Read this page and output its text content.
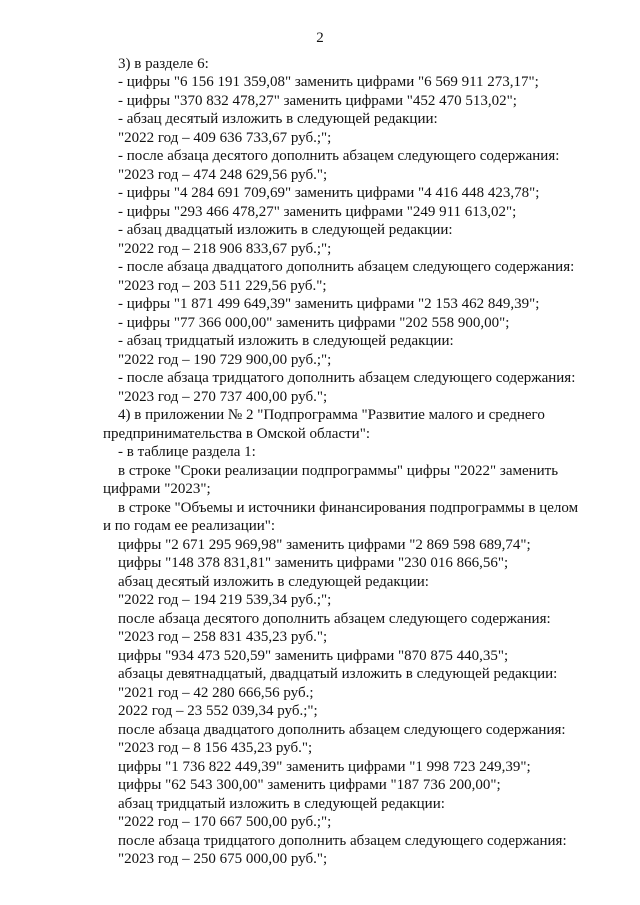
2
3) в разделе 6:
- цифры "6 156 191 359,08" заменить цифрами "6 569 911 273,17";
- цифры "370 832 478,27" заменить цифрами "452 470 513,02";
- абзац десятый изложить в следующей редакции:
"2022 год – 409 636 733,67 руб.;";
- после абзаца десятого дополнить абзацем следующего содержания:
"2023 год – 474 248 629,56 руб.";
- цифры "4 284 691 709,69" заменить цифрами "4 416 448 423,78";
- цифры "293 466 478,27" заменить цифрами "249 911 613,02";
- абзац двадцатый изложить в следующей редакции:
"2022 год – 218 906 833,67 руб.;";
- после абзаца двадцатого дополнить абзацем следующего содержания:
"2023 год – 203 511 229,56 руб.";
- цифры "1 871 499 649,39" заменить цифрами "2 153 462 849,39";
- цифры "77 366 000,00" заменить цифрами "202 558 900,00";
- абзац тридцатый изложить в следующей редакции:
"2022 год – 190 729 900,00 руб.;";
- после абзаца тридцатого дополнить абзацем следующего содержания:
"2023 год – 270 737 400,00 руб.";
4) в приложении № 2 "Подпрограмма "Развитие малого и среднего
предпринимательства в Омской области":
- в таблице раздела 1:
в строке "Сроки реализации подпрограммы" цифры "2022" заменить
цифрами "2023";
в строке "Объемы и источники финансирования подпрограммы в целом
и по годам ее реализации":
цифры "2 671 295 969,98" заменить цифрами "2 869 598 689,74";
цифры "148 378 831,81" заменить цифрами "230 016 866,56";
абзац десятый изложить в следующей редакции:
"2022 год – 194 219 539,34 руб.;";
после абзаца десятого дополнить абзацем следующего содержания:
"2023 год – 258 831 435,23 руб.";
цифры "934 473 520,59" заменить цифрами "870 875 440,35";
абзацы девятнадцатый, двадцатый изложить в следующей редакции:
"2021 год – 42 280 666,56 руб.;
2022 год – 23 552 039,34 руб.;";
после абзаца двадцатого дополнить абзацем следующего содержания:
"2023 год – 8 156 435,23 руб.";
цифры "1 736 822 449,39" заменить цифрами "1 998 723 249,39";
цифры "62 543 300,00" заменить цифрами "187 736 200,00";
абзац тридцатый изложить в следующей редакции:
"2022 год – 170 667 500,00 руб.;";
после абзаца тридцатого дополнить абзацем следующего содержания:
"2023 год – 250 675 000,00 руб.";
